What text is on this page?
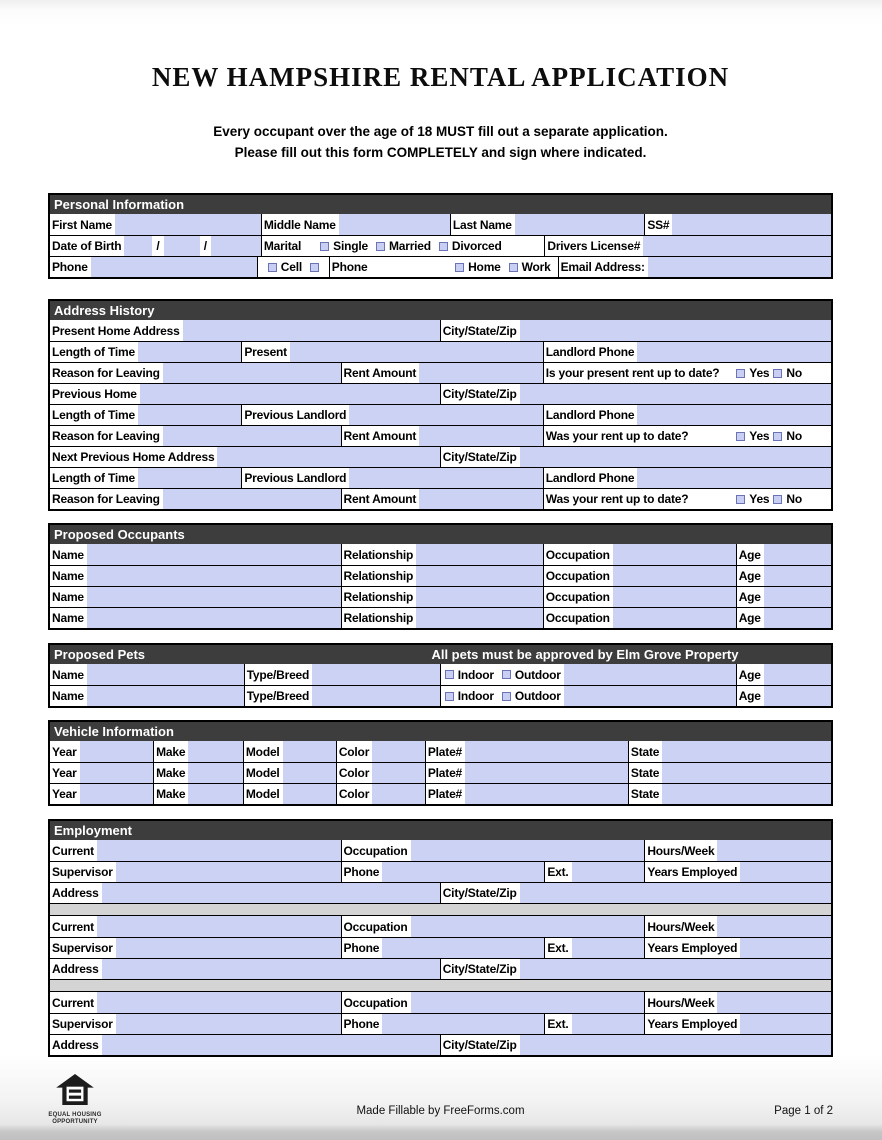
NEW HAMPSHIRE RENTAL APPLICATION
Every occupant over the age of 18 MUST fill out a separate application.
Please fill out this form COMPLETELY and sign where indicated.
Personal Information
First Name	Middle Name	Last Name	SS#
Date of Birth	/	/	Marital	Single Married Divorced	Drivers License#
Phone	Cell Phone	Home Work Email Address:
Address History
Present Home Address	City/State/Zip
Length of Time	Present	Landlord Phone
Reason for Leaving	Rent Amount	Is your present rent up to date? Yes No
Previous Home	City/State/Zip
Length of Time	Previous Landlord	Landlord Phone
Reason for Leaving	Rent Amount	Was your rent up to date?	Yes No
Next Previous Home Address	City/State/Zip
Length of Time	Previous Landlord	Landlord Phone
Reason for Leaving	Rent Amount	Was your rent up to date?	Yes No
Proposed Occupants
Name	Relationship	Occupation	Age
Name	Relationship	Occupation	Age
Name	Relationship	Occupation	Age
Name	Relationship	Occupation	Age
Proposed Pets	All pets must be approved by Elm Grove Property
Name	Type/Breed	Indoor Outdoor	Age
Name	Type/Breed	Indoor Outdoor	Age
Vehicle Information
Year	Make	Model	Color	Plate#	State
Year	Make	Model	Color	Plate#	State
Year	Make	Model	Color	Plate#	State
Employment
Current	Occupation	Hours/Week
Supervisor	Phone	Ext.	Years Employed
Address	City/State/Zip
Current	Occupation	Hours/Week
Supervisor	Phone	Ext.	Years Employed
Address	City/State/Zip
Current	Occupation	Hours/Week
Supervisor	Phone	Ext.	Years Employed
Address	City/State/Zip
EQUAL HOUSING
OPPORTUNITY
Made Fillable by FreeForms.com	Page 1 of 2
